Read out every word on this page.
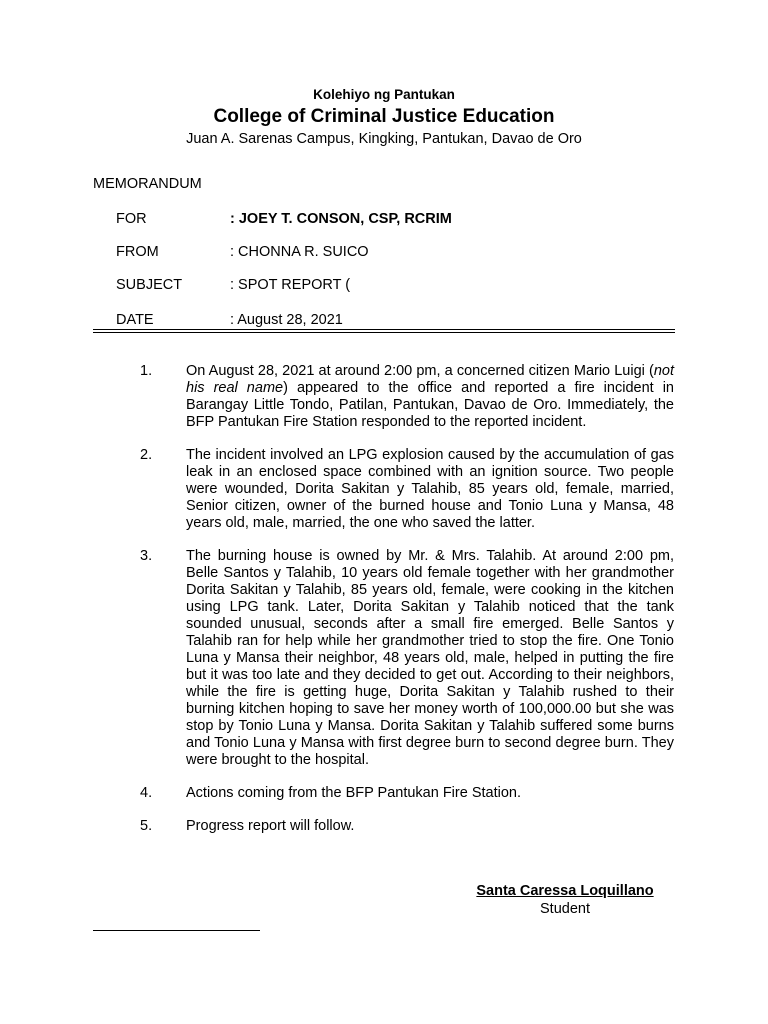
Kolehiyo ng Pantukan
College of Criminal Justice Education
Juan A. Sarenas Campus, Kingking, Pantukan, Davao de Oro
MEMORANDUM
FOR	: JOEY T. CONSON, CSP, RCRIM
FROM	: CHONNA R. SUICO
SUBJECT	: SPOT REPORT (
DATE	: August 28, 2021
1. On August 28, 2021 at around 2:00 pm, a concerned citizen Mario Luigi (not his real name) appeared to the office and reported a fire incident in Barangay Little Tondo, Patilan, Pantukan, Davao de Oro. Immediately, the BFP Pantukan Fire Station responded to the reported incident.
2. The incident involved an LPG explosion caused by the accumulation of gas leak in an enclosed space combined with an ignition source. Two people were wounded, Dorita Sakitan y Talahib, 85 years old, female, married, Senior citizen, owner of the burned house and Tonio Luna y Mansa, 48 years old, male, married, the one who saved the latter.
3. The burning house is owned by Mr. & Mrs. Talahib. At around 2:00 pm, Belle Santos y Talahib, 10 years old female together with her grandmother Dorita Sakitan y Talahib, 85 years old, female, were cooking in the kitchen using LPG tank. Later, Dorita Sakitan y Talahib noticed that the tank sounded unusual, seconds after a small fire emerged. Belle Santos y Talahib ran for help while her grandmother tried to stop the fire. One Tonio Luna y Mansa their neighbor, 48 years old, male, helped in putting the fire but it was too late and they decided to get out. According to their neighbors, while the fire is getting huge, Dorita Sakitan y Talahib rushed to their burning kitchen hoping to save her money worth of 100,000.00 but she was stop by Tonio Luna y Mansa. Dorita Sakitan y Talahib suffered some burns and Tonio Luna y Mansa with first degree burn to second degree burn. They were brought to the hospital.
4. Actions coming from the BFP Pantukan Fire Station.
5. Progress report will follow.
Santa Caressa Loquillano
Student
